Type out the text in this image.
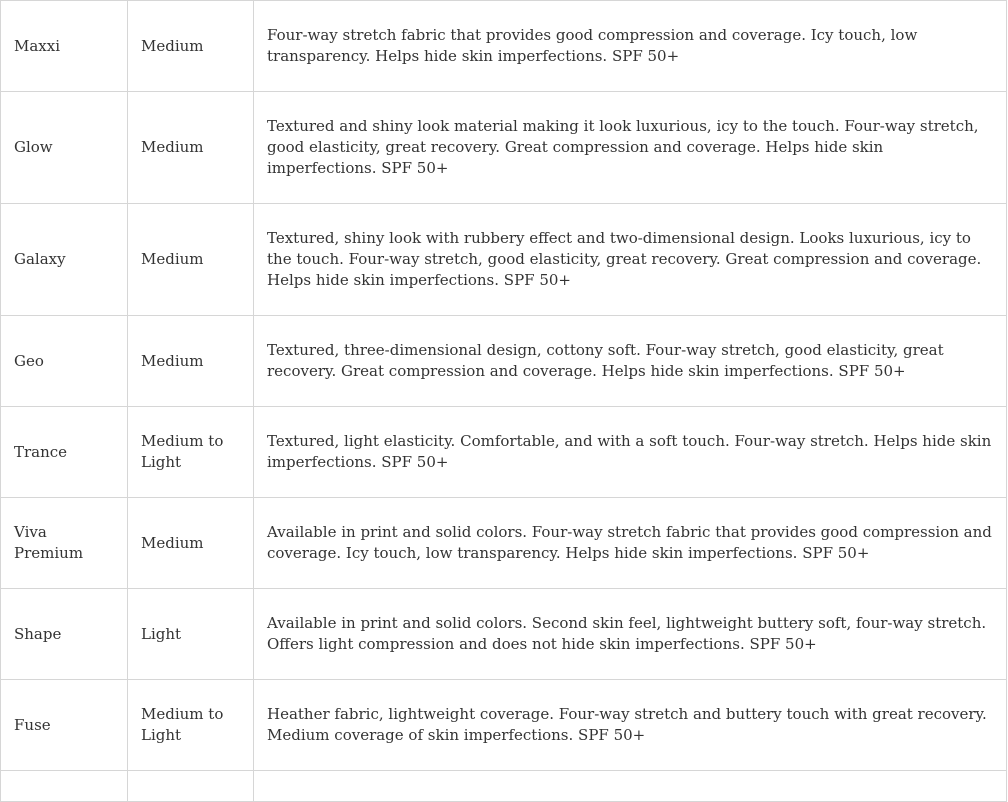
Maxxi	Medium	Four-way stretch fabric that provides good compression and coverage. Icy touch, low transparency. Helps hide skin imperfections. SPF 50+
Glow	Medium	Textured and shiny look material making it look luxurious, icy to the touch. Four-way stretch, good elasticity, great recovery. Great compression and coverage. Helps hide skin imperfections. SPF 50+
Galaxy	Medium	Textured, shiny look with rubbery effect and two-dimensional design. Looks luxurious, icy to the touch. Four-way stretch, good elasticity, great recovery. Great compression and coverage. Helps hide skin imperfections. SPF 50+
Geo	Medium	Textured, three-dimensional design, cottony soft. Four-way stretch, good elasticity, great recovery. Great compression and coverage. Helps hide skin imperfections. SPF 50+
Trance	Medium to Light	Textured, light elasticity. Comfortable, and with a soft touch. Four-way stretch. Helps hide skin imperfections. SPF 50+
Viva Premium	Medium	Available in print and solid colors. Four-way stretch fabric that provides good compression and coverage. Icy touch, low transparency. Helps hide skin imperfections. SPF 50+
Shape	Light	Available in print and solid colors. Second skin feel, lightweight buttery soft, four-way stretch. Offers light compression and does not hide skin imperfections. SPF 50+
Fuse	Medium to Light	Heather fabric, lightweight coverage. Four-way stretch and buttery touch with great recovery. Medium coverage of skin imperfections. SPF 50+
